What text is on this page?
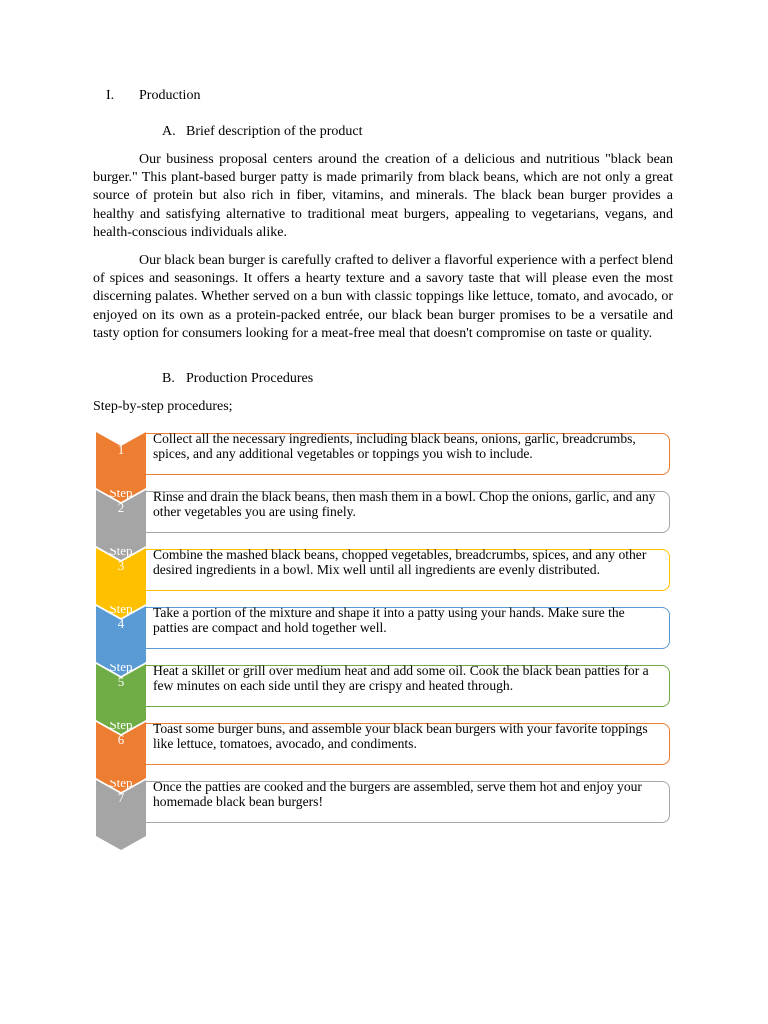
I. Production
A. Brief description of the product

Our business proposal centers around the creation of a delicious and nutritious "black bean burger." This plant-based burger patty is made primarily from black beans, which are not only a great source of protein but also rich in fiber, vitamins, and minerals. The black bean burger provides a healthy and satisfying alternative to traditional meat burgers, appealing to vegetarians, vegans, and health-conscious individuals alike.

Our black bean burger is carefully crafted to deliver a flavorful experience with a perfect blend of spices and seasonings. It offers a hearty texture and a savory taste that will please even the most discerning palates. Whether served on a bun with classic toppings like lettuce, tomato, and avocado, or enjoyed on its own as a protein-packed entrée, our black bean burger promises to be a versatile and tasty option for consumers looking for a meat-free meal that doesn't compromise on taste or quality.

B. Production Procedures
Step-by-step procedures;
Step 1
Collect all the necessary ingredients, including black beans, onions, garlic, breadcrumbs, spices, and any additional vegetables or toppings you wish to include.
Step 2
Rinse and drain the black beans, then mash them in a bowl. Chop the onions, garlic, and any other vegetables you are using finely.
Step 3
Combine the mashed black beans, chopped vegetables, breadcrumbs, spices, and any other desired ingredients in a bowl. Mix well until all ingredients are evenly distributed.
Step 4
Take a portion of the mixture and shape it into a patty using your hands. Make sure the patties are compact and hold together well.
Step 5
Heat a skillet or grill over medium heat and add some oil. Cook the black bean patties for a few minutes on each side until they are crispy and heated through.
Step 6
Toast some burger buns, and assemble your black bean burgers with your favorite toppings like lettuce, tomatoes, avocado, and condiments.
Step 7
Once the patties are cooked and the burgers are assembled, serve them hot and enjoy your homemade black bean burgers!
